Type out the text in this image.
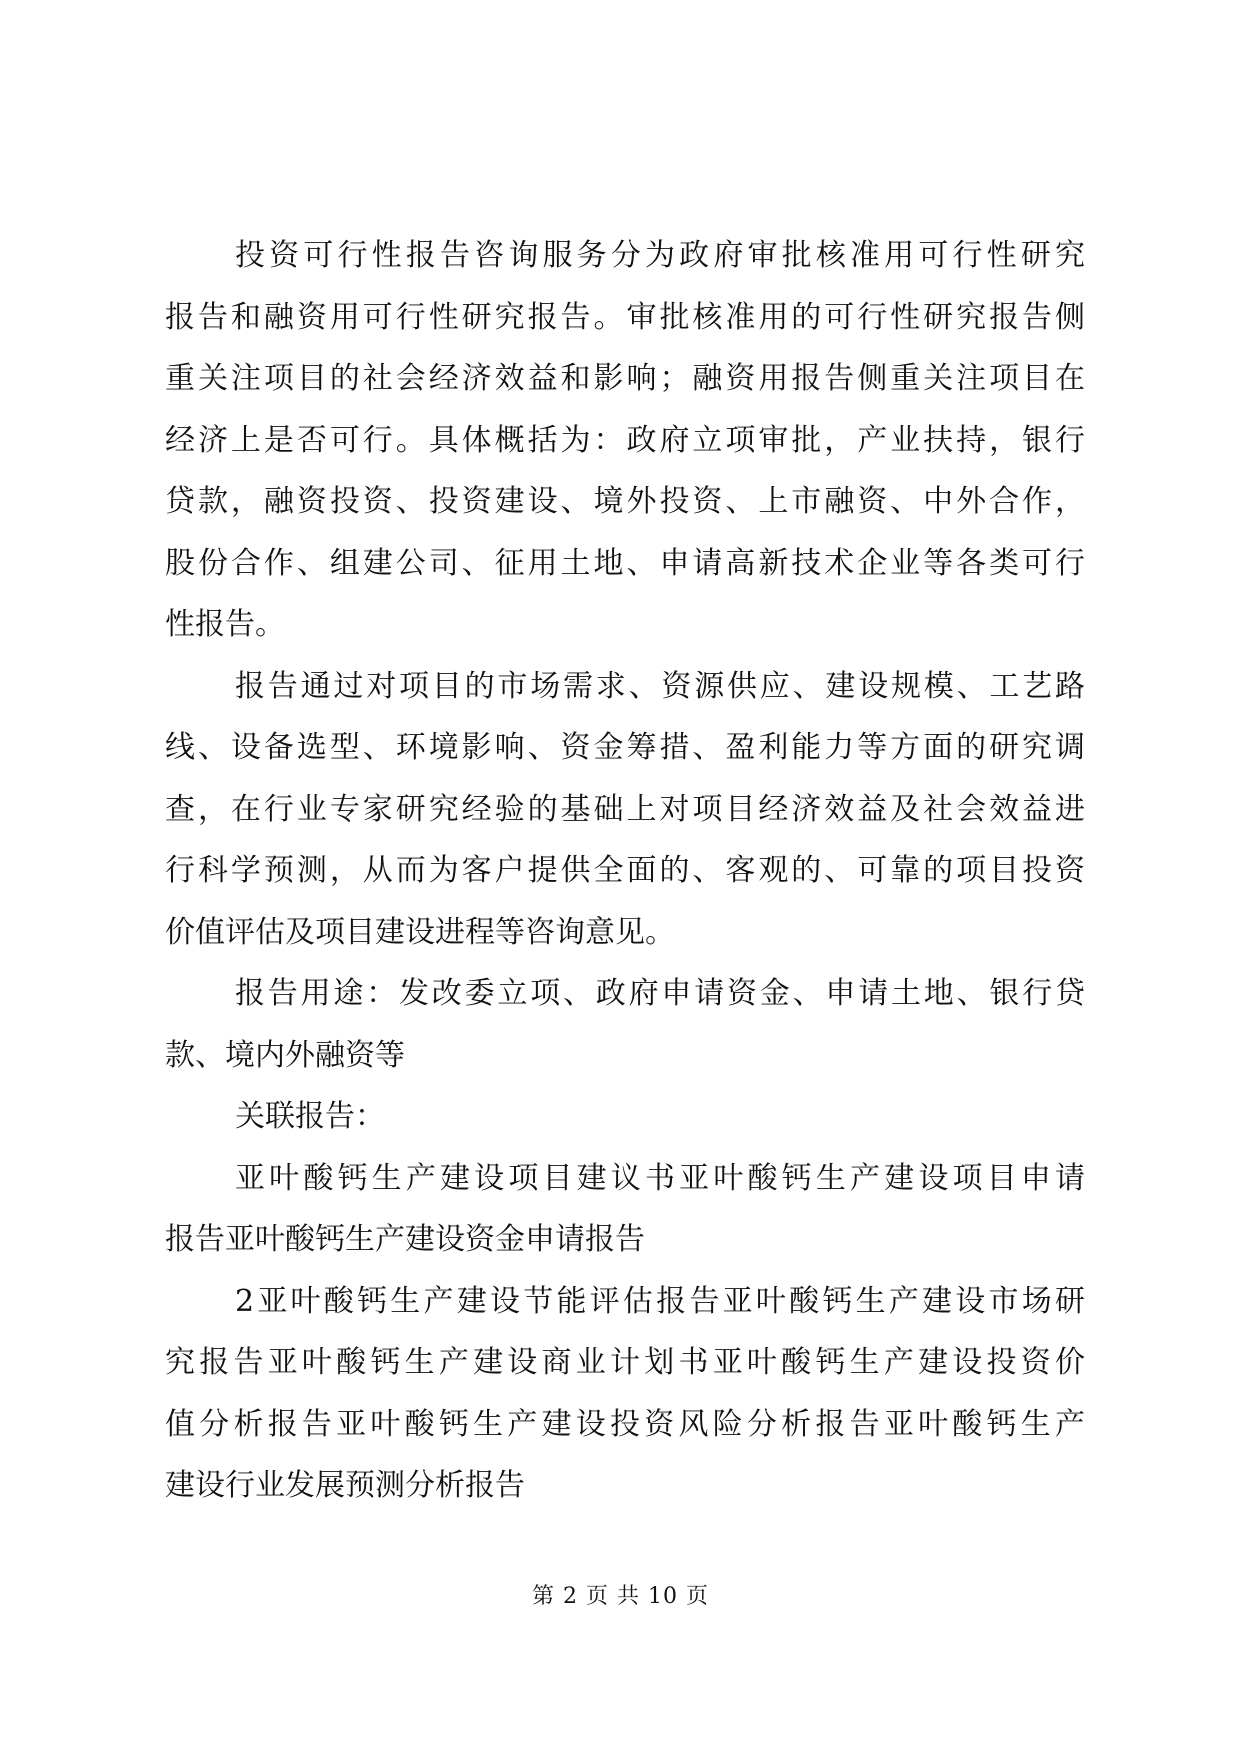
投资可行性报告咨询服务分为政府审批核准用可行性研究
报告和融资用可行性研究报告。审批核准用的可行性研究报告侧
重关注项目的社会经济效益和影响；融资用报告侧重关注项目在
经济上是否可行。具体概括为：政府立项审批，产业扶持，银行
贷款，融资投资、投资建设、境外投资、上市融资、中外合作，
股份合作、组建公司、征用土地、申请高新技术企业等各类可行
性报告。
报告通过对项目的市场需求、资源供应、建设规模、工艺路
线、设备选型、环境影响、资金筹措、盈利能力等方面的研究调
查，在行业专家研究经验的基础上对项目经济效益及社会效益进
行科学预测，从而为客户提供全面的、客观的、可靠的项目投资
价值评估及项目建设进程等咨询意见。
报告用途：发改委立项、政府申请资金、申请土地、银行贷
款、境内外融资等
关联报告：
亚叶酸钙生产建设项目建议书亚叶酸钙生产建设项目申请
报告亚叶酸钙生产建设资金申请报告
2亚叶酸钙生产建设节能评估报告亚叶酸钙生产建设市场研
究报告亚叶酸钙生产建设商业计划书亚叶酸钙生产建设投资价
值分析报告亚叶酸钙生产建设投资风险分析报告亚叶酸钙生产
建设行业发展预测分析报告
第 2 页 共 10 页
